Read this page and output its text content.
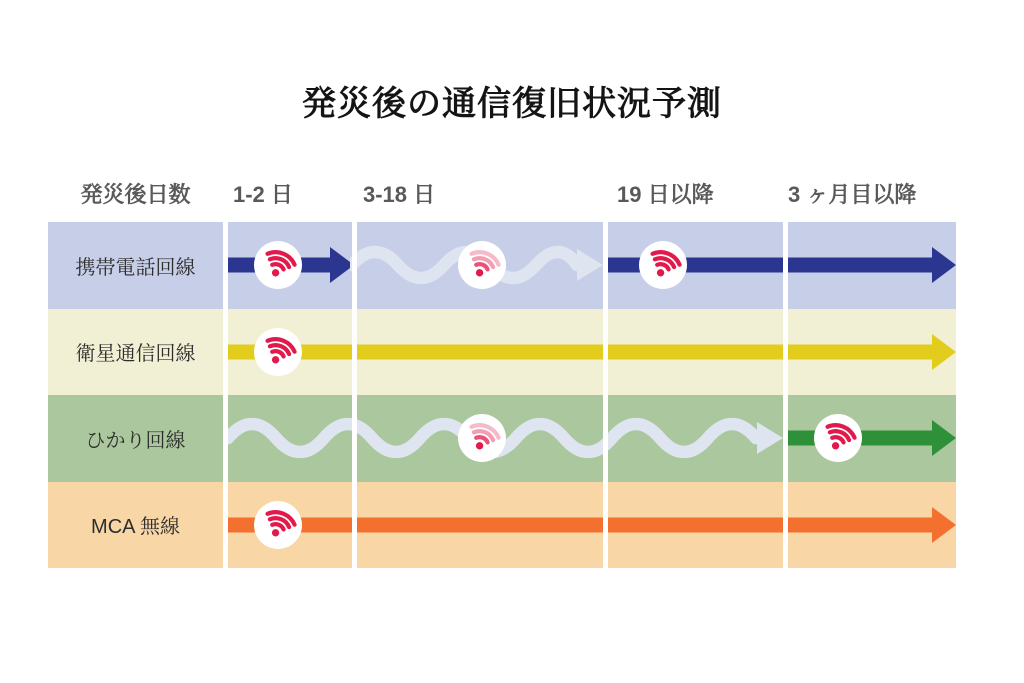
発災後の通信復旧状況予測
発災後日数	1-2 日	3-18 日	19 日以降	3 ヶ月目以降
携帯電話回線
衛星通信回線
ひかり回線
MCA 無線
